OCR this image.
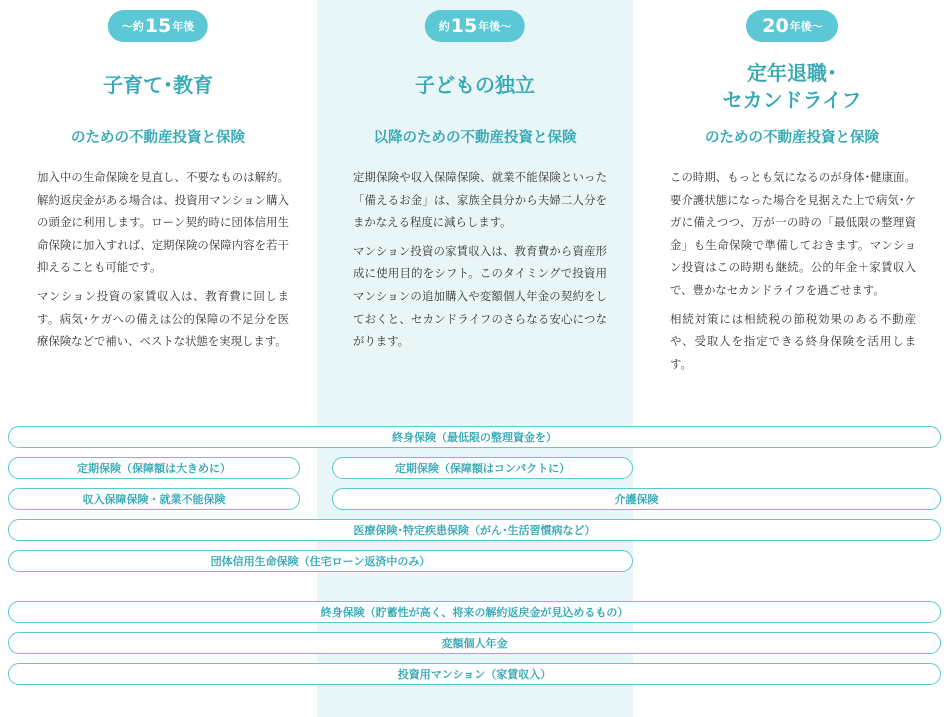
〜約 15 年後
子育て･教育
のための不動産投資と保険

加入中の生命保険を見直し、不要なものは解約。解約返戻金がある場合は、投資用マンション購入の頭金に利用します。ローン契約時に団体信用生命保険に加入すれば、定期保険の保障内容を若干抑えることも可能です。

マンション投資の家賃収入は、教育費に回します。病気･ケガへの備えは公的保障の不足分を医療保険などで補い、ベストな状態を実現します。

約 15 年後〜
子どもの独立
以降のための不動産投資と保険

定期保険や収入保障保険、就業不能保険といった「備えるお金」は、家族全員分から夫婦二人分をまかなえる程度に減らします。

マンション投資の家賃収入は、教育費から資産形成に使用目的をシフト。このタイミングで投資用マンションの追加購入や変額個人年金の契約をしておくと、セカンドライフのさらなる安心につながります。

20 年後〜
定年退職･
セカンドライフ
のための不動産投資と保険

この時期、もっとも気になるのが身体･健康面。要介護状態になった場合を見据えた上で病気･ケガに備えつつ、万が一の時の「最低限の整理資金」も生命保険で準備しておきます。マンション投資はこの時期も継続。公的年金＋家賃収入で、豊かなセカンドライフを過ごせます。

相続対策には相続税の節税効果のある不動産や、受取人を指定できる終身保険を活用します。

終身保険（最低限の整理資金を）
定期保険（保障額は大きめに）	定期保険（保障額はコンパクトに）
収入保障保険・就業不能保険	介護保険
医療保険･特定疾患保険（がん･生活習慣病など）
団体信用生命保険（住宅ローン返済中のみ）
終身保険（貯蓄性が高く、将来の解約返戻金が見込めるもの）
変額個人年金
投資用マンション（家賃収入）
